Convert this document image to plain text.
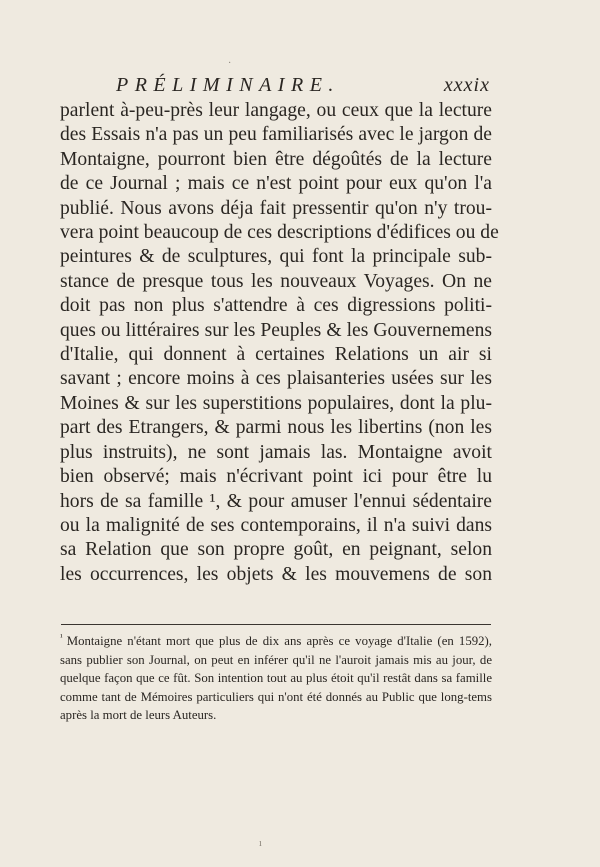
PRÉLIMINAIRE.	xxxix
parlent à-peu-près leur langage, ou ceux que la lecture
des Essais n'a pas un peu familiarisés avec le jargon de
Montaigne, pourront bien être dégoûtés de la lecture
de ce Journal ; mais ce n'est point pour eux qu'on l'a
publié. Nous avons déja fait pressentir qu'on n'y trou-
vera point beaucoup de ces descriptions d'édifices ou de
peintures & de sculptures, qui font la principale sub-
stance de presque tous les nouveaux Voyages. On ne
doit pas non plus s'attendre à ces digressions politi-
ques ou littéraires sur les Peuples & les Gouvernemens
d'Italie, qui donnent à certaines Relations un air si
savant ; encore moins à ces plaisanteries usées sur les
Moines & sur les superstitions populaires, dont la plu-
part des Etrangers, & parmi nous les libertins (non les
plus instruits), ne sont jamais las. Montaigne avoit
bien observé; mais n'écrivant point ici pour être lu
hors de sa famille ¹, & pour amuser l'ennui sédentaire
ou la malignité de ses contemporains, il n'a suivi dans
sa Relation que son propre goût, en peignant, selon
les occurrences, les objets & les mouvemens de son
$^{^1}$ Montaigne n'étant mort que plus de dix ans après ce voyage d'Italie (en 1592),
sans publier son Journal, on peut en inférer qu'il ne l'auroit jamais mis au jour, de
quelque façon que ce fût. Son intention tout au plus étoit qu'il restât dans sa famille
comme tant de Mémoires particuliers qui n'ont été donnés au Public que long-tems
après la mort de leurs Auteurs.
·
ı
